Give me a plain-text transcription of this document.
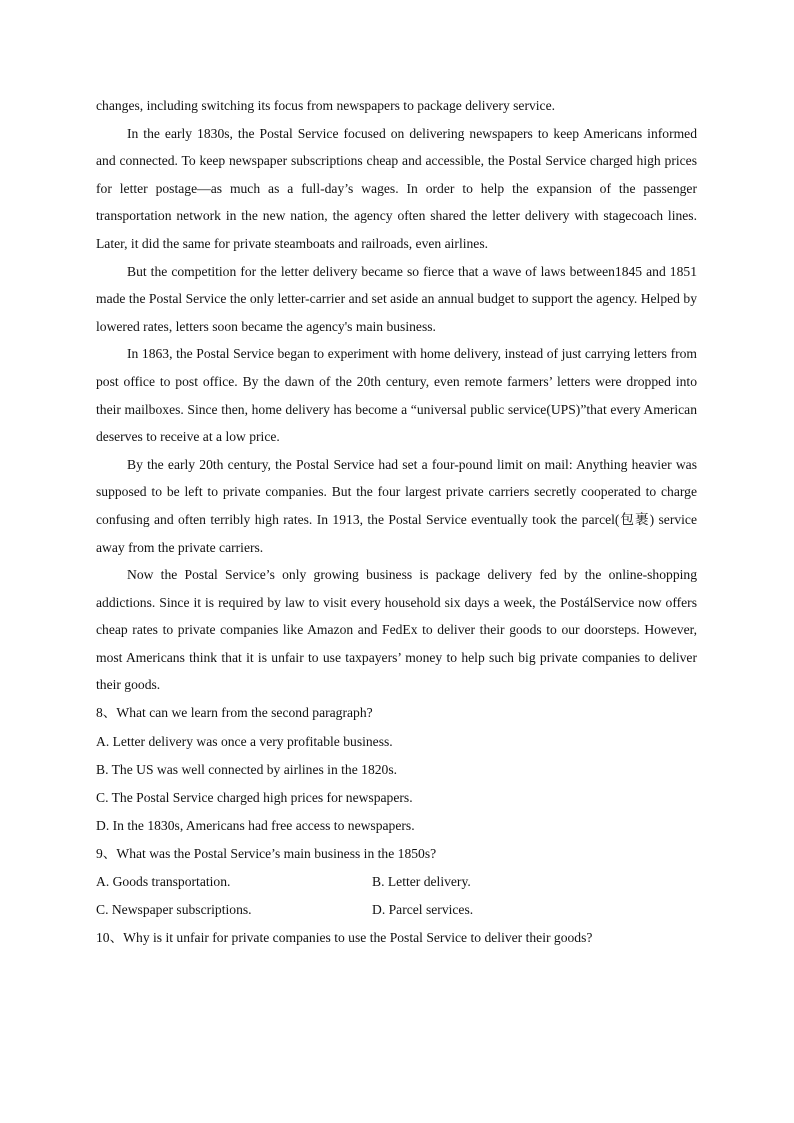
changes, including switching its focus from newspapers to package delivery service.

In the early 1830s, the Postal Service focused on delivering newspapers to keep Americans informed and connected. To keep newspaper subscriptions cheap and accessible, the Postal Service charged high prices for letter postage—as much as a full-day’s wages. In order to help the expansion of the passenger transportation network in the new nation, the agency often shared the letter delivery with stagecoach lines. Later, it did the same for private steamboats and railroads, even airlines.

But the competition for the letter delivery became so fierce that a wave of laws between1845 and 1851 made the Postal Service the only letter-carrier and set aside an annual budget to support the agency. Helped by lowered rates, letters soon became the agency's main business.

In 1863, the Postal Service began to experiment with home delivery, instead of just carrying letters from post office to post office. By the dawn of the 20th century, even remote farmers’ letters were dropped into their mailboxes. Since then, home delivery has become a “universal public service(UPS)”that every American deserves to receive at a low price.

By the early 20th century, the Postal Service had set a four-pound limit on mail: Anything heavier was supposed to be left to private companies. But the four largest private carriers secretly cooperated to charge confusing and often terribly high rates. In 1913, the Postal Service eventually took the parcel(包裹) service away from the private carriers.

Now the Postal Service’s only growing business is package delivery fed by the online-shopping addictions. Since it is required by law to visit every household six days a week, the PostálService now offers cheap rates to private companies like Amazon and FedEx to deliver their goods to our doorsteps. However, most Americans think that it is unfair to use taxpayers’ money to help such big private companies to deliver their goods.

8、What can we learn from the second paragraph?

A. Letter delivery was once a very profitable business.

B. The US was well connected by airlines in the 1820s.

C. The Postal Service charged high prices for newspapers.

D. In the 1830s, Americans had free access to newspapers.

9、What was the Postal Service’s main business in the 1850s?

A. Goods transportation.	B. Letter delivery.
C. Newspaper subscriptions.	D. Parcel services.

10、Why is it unfair for private companies to use the Postal Service to deliver their goods?
